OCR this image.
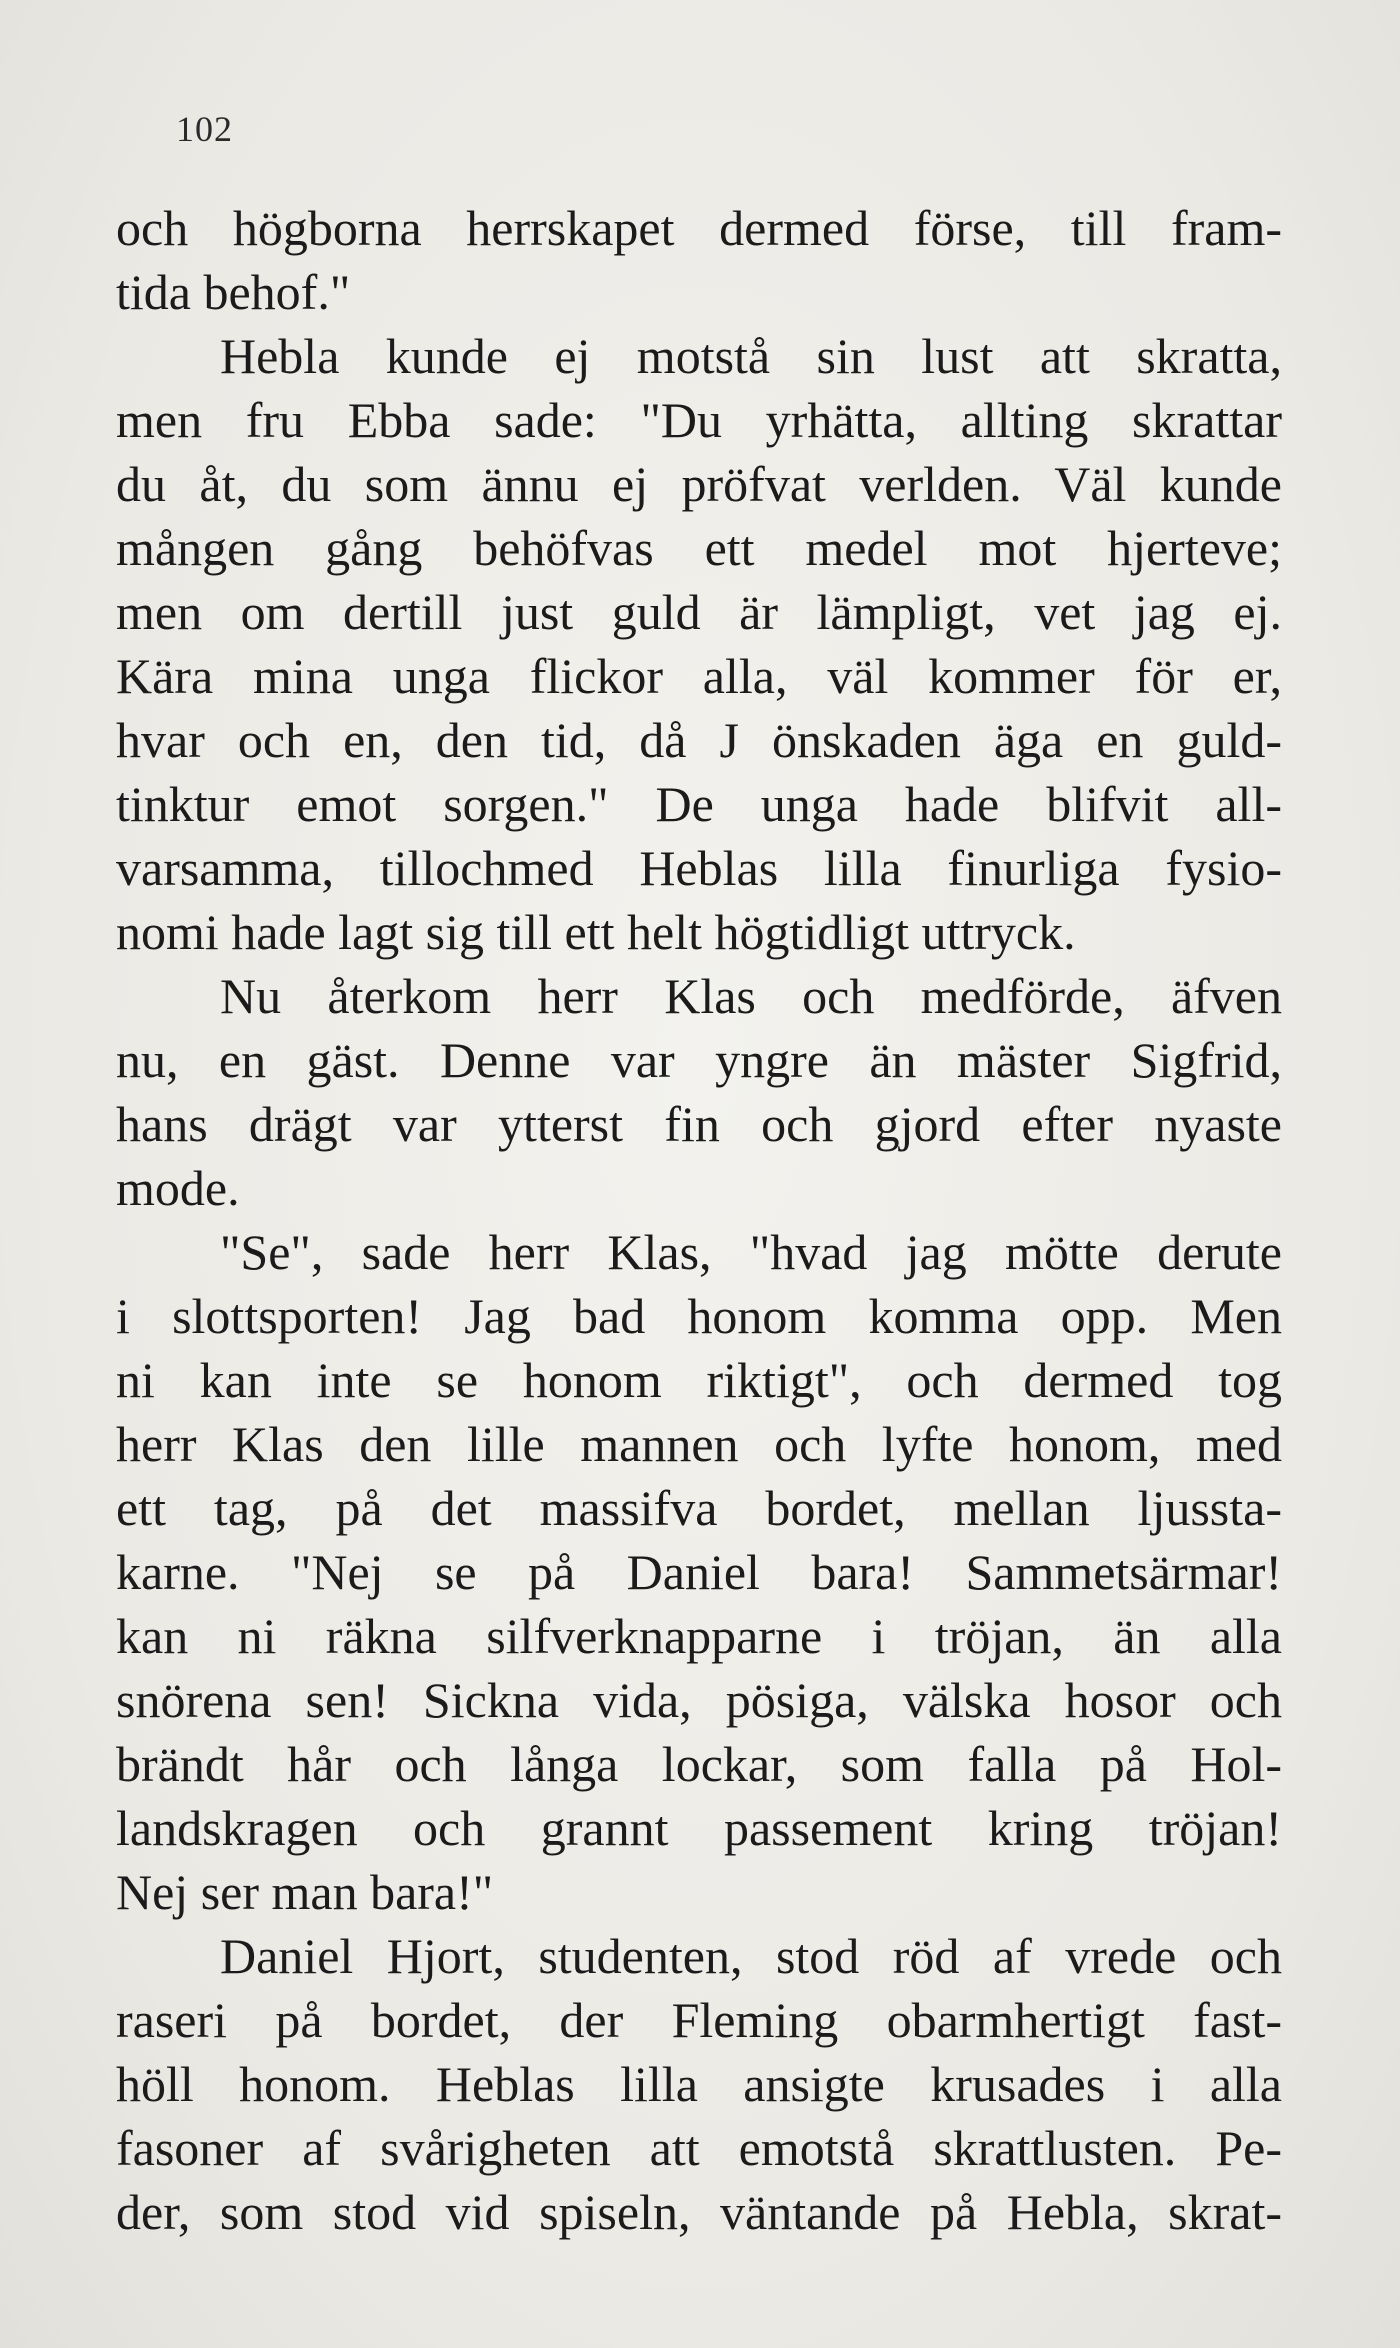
102
och högborna herrskapet dermed förse, till fram-
tida behof."
Hebla kunde ej motstå sin lust att skratta,
men fru Ebba sade: "Du yrhätta, allting skrattar
du åt, du som ännu ej pröfvat verlden. Väl kunde
mången gång behöfvas ett medel mot hjerteve;
men om dertill just guld är lämpligt, vet jag ej.
Kära mina unga flickor alla, väl kommer för er,
hvar och en, den tid, då J önskaden äga en guld-
tinktur emot sorgen." De unga hade blifvit all-
varsamma, tillochmed Heblas lilla finurliga fysio-
nomi hade lagt sig till ett helt högtidligt uttryck.
Nu återkom herr Klas och medförde, äfven
nu, en gäst. Denne var yngre än mäster Sigfrid,
hans drägt var ytterst fin och gjord efter nyaste
mode.
"Se", sade herr Klas, "hvad jag mötte derute
i slottsporten! Jag bad honom komma opp. Men
ni kan inte se honom riktigt", och dermed tog
herr Klas den lille mannen och lyfte honom, med
ett tag, på det massifva bordet, mellan ljussta-
karne. "Nej se på Daniel bara! Sammetsärmar!
kan ni räkna silfverknapparne i tröjan, än alla
snörena sen! Sickna vida, pösiga, välska hosor och
brändt hår och långa lockar, som falla på Hol-
landskragen och grannt passement kring tröjan!
Nej ser man bara!"
Daniel Hjort, studenten, stod röd af vrede och
raseri på bordet, der Fleming obarmhertigt fast-
höll honom. Heblas lilla ansigte krusades i alla
fasoner af svårigheten att emotstå skrattlusten. Pe-
der, som stod vid spiseln, väntande på Hebla, skrat-
